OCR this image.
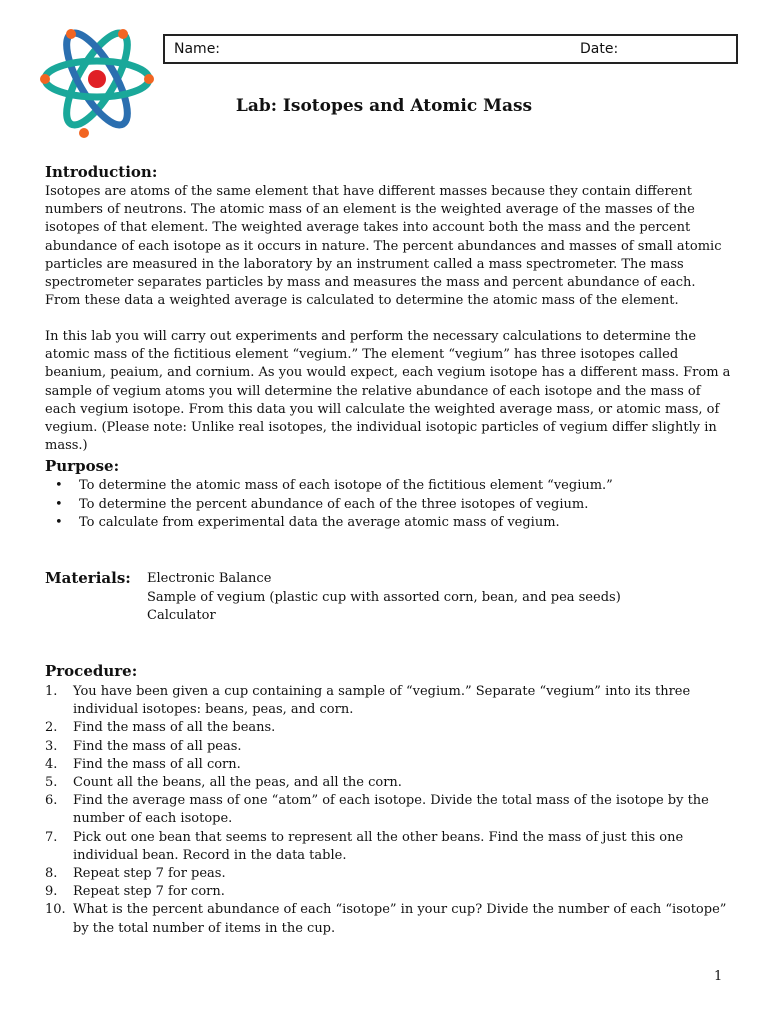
Name:	Date:
Lab: Isotopes and Atomic Mass
Introduction:

Isotopes are atoms of the same element that have different masses because they contain different numbers of neutrons. The atomic mass of an element is the weighted average of the masses of the isotopes of that element. The weighted average takes into account both the mass and the percent abundance of each isotope as it occurs in nature. The percent abundances and masses of small atomic particles are measured in the laboratory by an instrument called a mass spectrometer. The mass spectrometer separates particles by mass and measures the mass and percent abundance of each. From these data a weighted average is calculated to determine the atomic mass of the element.

In this lab you will carry out experiments and perform the necessary calculations to determine the atomic mass of the fictitious element “vegium.” The element “vegium” has three isotopes called beanium, peaium, and cornium. As you would expect, each vegium isotope has a different mass. From a sample of vegium atoms you will determine the relative abundance of each isotope and the mass of each vegium isotope. From this data you will calculate the weighted average mass, or atomic mass, of vegium. (Please note: Unlike real isotopes, the individual isotopic particles of vegium differ slightly in mass.)

Purpose:
• To determine the atomic mass of each isotope of the fictitious element “vegium.”
• To determine the percent abundance of each of the three isotopes of vegium.
• To calculate from experimental data the average atomic mass of vegium.
Materials: Electronic Balance
Sample of vegium (plastic cup with assorted corn, bean, and pea seeds)
Calculator
Procedure:
1. You have been given a cup containing a sample of “vegium.” Separate “vegium” into its three individual isotopes: beans, peas, and corn.
2. Find the mass of all the beans.
3. Find the mass of all peas.
4. Find the mass of all corn.
5. Count all the beans, all the peas, and all the corn.
6. Find the average mass of one “atom” of each isotope. Divide the total mass of the isotope by the number of each isotope.
7. Pick out one bean that seems to represent all the other beans. Find the mass of just this one individual bean. Record in the data table.
8. Repeat step 7 for peas.
9. Repeat step 7 for corn.
10. What is the percent abundance of each “isotope” in your cup? Divide the number of each “isotope” by the total number of items in the cup.
1
